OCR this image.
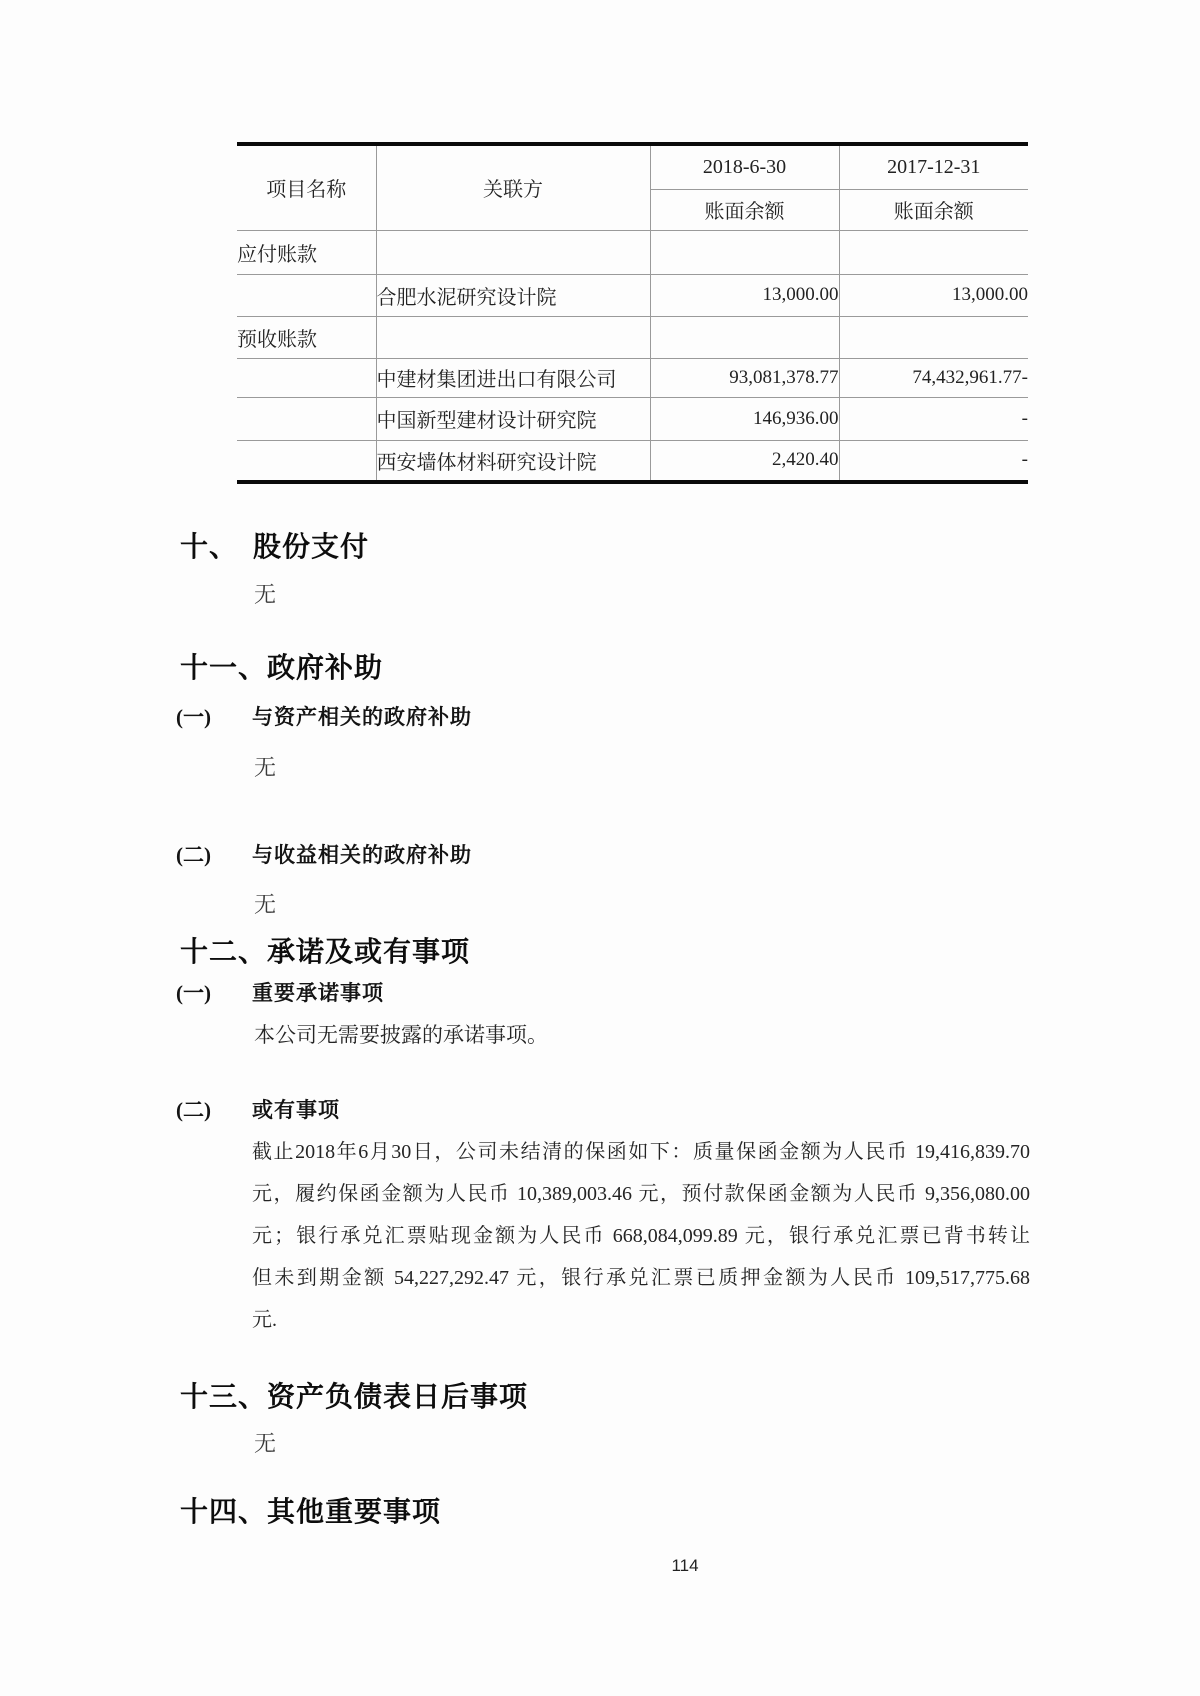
项目名称	关联方	2018-6-30	2017-12-31
		账面余额	账面余额
应付账款			
	合肥水泥研究设计院	13,000.00	13,000.00
预收账款			
	中建材集团进出口有限公司	93,081,378.77	74,432,961.77-
	中国新型建材设计研究院	146,936.00	-
	西安墙体材料研究设计院	2,420.40	-
十、 股份支付
无
十一、 政府补助
(一)	与资产相关的政府补助
无
(二)	与收益相关的政府补助
无
十二、 承诺及或有事项
(一)	重要承诺事项
本公司无需要披露的承诺事项。
(二)	或有事项
截止2018年6月30日，公司未结清的保函如下：质量保函金额为人民币 19,416,839.70
元，履约保函金额为人民币 10,389,003.46 元，预付款保函金额为人民币 9,356,080.00
元；银行承兑汇票贴现金额为人民币 668,084,099.89 元，银行承兑汇票已背书转让
但未到期金额 54,227,292.47 元，银行承兑汇票已质押金额为人民币 109,517,775.68
元.
十三、 资产负债表日后事项
无
十四、 其他重要事项
114
